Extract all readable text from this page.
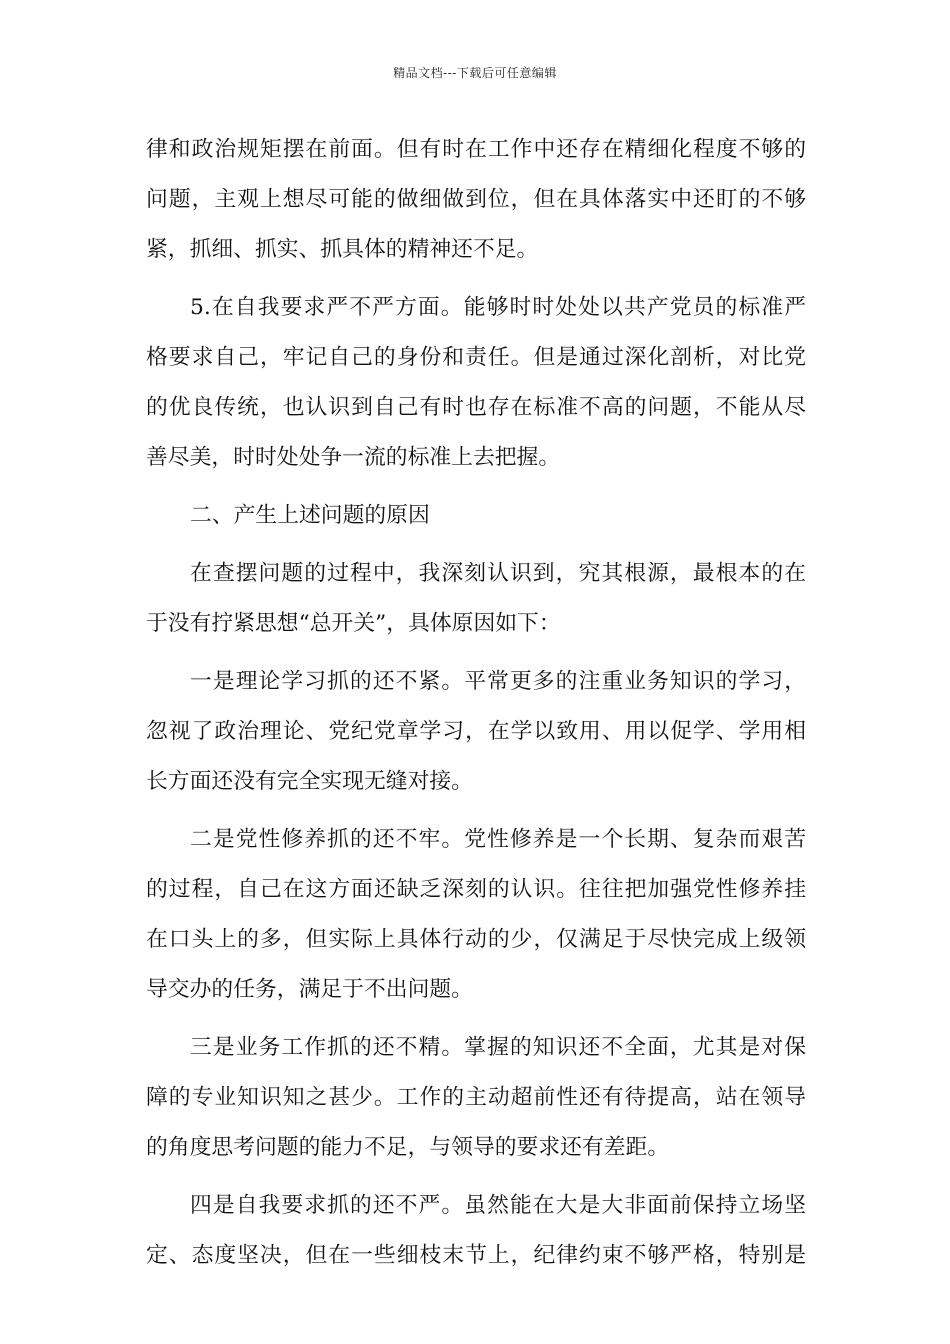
精品文档---下载后可任意编辑
律和政治规矩摆在前面。但有时在工作中还存在精细化程度不够的
问题，主观上想尽可能的做细做到位，但在具体落实中还盯的不够
紧，抓细、抓实、抓具体的精神还不足。
5.在自我要求严不严方面。能够时时处处以共产党员的标准严
格要求自己，牢记自己的身份和责任。但是通过深化剖析，对比党
的优良传统，也认识到自己有时也存在标准不高的问题，不能从尽
善尽美，时时处处争一流的标准上去把握。
二、产生上述问题的原因
在查摆问题的过程中，我深刻认识到，究其根源，最根本的在
于没有拧紧思想“总开关”，具体原因如下：
一是理论学习抓的还不紧。平常更多的注重业务知识的学习，
忽视了政治理论、党纪党章学习，在学以致用、用以促学、学用相
长方面还没有完全实现无缝对接。
二是党性修养抓的还不牢。党性修养是一个长期、复杂而艰苦
的过程，自己在这方面还缺乏深刻的认识。往往把加强党性修养挂
在口头上的多，但实际上具体行动的少，仅满足于尽快完成上级领
导交办的任务，满足于不出问题。
三是业务工作抓的还不精。掌握的知识还不全面，尤其是对保
障的专业知识知之甚少。工作的主动超前性还有待提高，站在领导
的角度思考问题的能力不足，与领导的要求还有差距。
四是自我要求抓的还不严。虽然能在大是大非面前保持立场坚
定、态度坚决，但在一些细枝末节上，纪律约束不够严格，特别是
